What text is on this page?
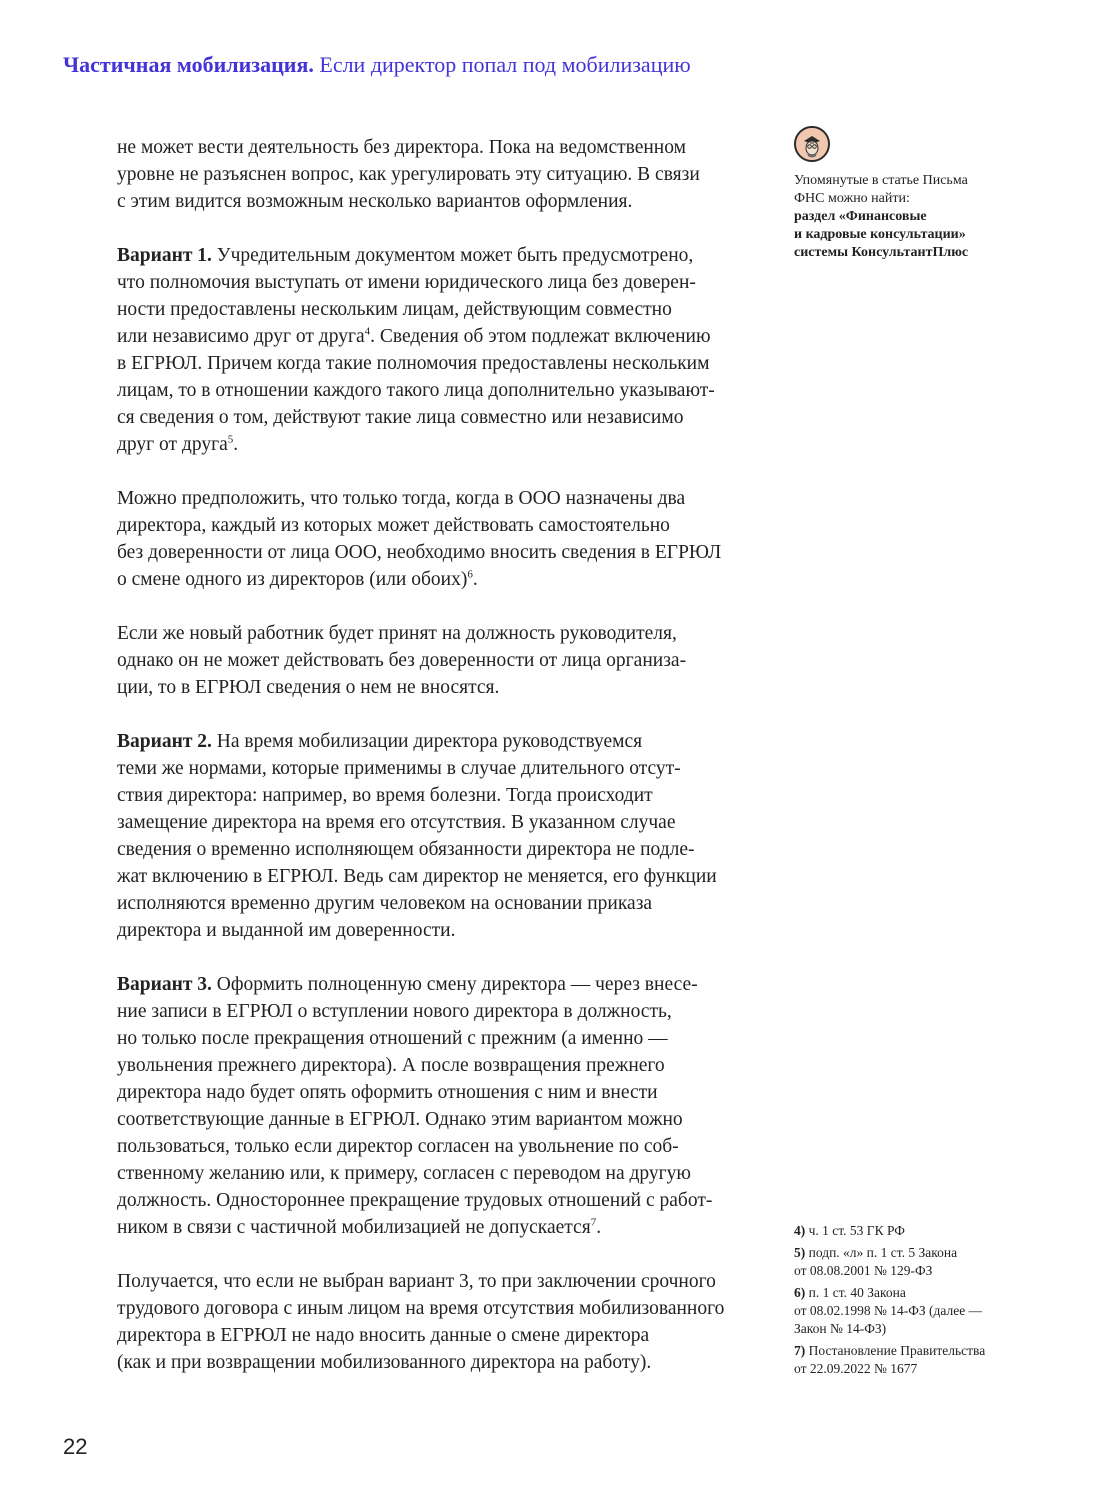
Частичная мобилизация. Если директор попал под мобилизацию

не может вести деятельность без директора. Пока на ведомственном
уровне не разъяснен вопрос, как урегулировать эту ситуацию. В связи
с этим видится возможным несколько вариантов оформления.

Вариант 1. Учредительным документом может быть предусмотрено,
что полномочия выступать от имени юридического лица без доверен-
ности предоставлены нескольким лицам, действующим совместно
или независимо друг от друга$^4$. Сведения об этом подлежат включению
в ЕГРЮЛ. Причем когда такие полномочия предоставлены нескольким
лицам, то в отношении каждого такого лица дополнительно указывают-
ся сведения о том, действуют такие лица совместно или независимо
друг от друга$^5$.

Можно предположить, что только тогда, когда в ООО назначены два
директора, каждый из которых может действовать самостоятельно
без доверенности от лица ООО, необходимо вносить сведения в ЕГРЮЛ
о смене одного из директоров (или обоих)$^6$.

Если же новый работник будет принят на должность руководителя,
однако он не может действовать без доверенности от лица организа-
ции, то в ЕГРЮЛ сведения о нем не вносятся.

Вариант 2. На время мобилизации директора руководствуемся
теми же нормами, которые применимы в случае длительного отсут-
ствия директора: например, во время болезни. Тогда происходит
замещение директора на время его отсутствия. В указанном случае
сведения о временно исполняющем обязанности директора не подле-
жат включению в ЕГРЮЛ. Ведь сам директор не меняется, его функции
исполняются временно другим человеком на основании приказа
директора и выданной им доверенности.

Вариант 3. Оформить полноценную смену директора — через внесе-
ние записи в ЕГРЮЛ о вступлении нового директора в должность,
но только после прекращения отношений с прежним (а именно —
увольнения прежнего директора). А после возвращения прежнего
директора надо будет опять оформить отношения с ним и внести
соответствующие данные в ЕГРЮЛ. Однако этим вариантом можно
пользоваться, только если директор согласен на увольнение по соб-
ственному желанию или, к примеру, согласен с переводом на другую
должность. Одностороннее прекращение трудовых отношений с работ-
ником в связи с частичной мобилизацией не допускается$^7$.

Получается, что если не выбран вариант 3, то при заключении срочного
трудового договора с иным лицом на время отсутствия мобилизованного
директора в ЕГРЮЛ не надо вносить данные о смене директора
(как и при возвращении мобилизованного директора на работу).

Упомянутые в статье Письма
ФНС можно найти:
раздел «Финансовые
и кадровые консультации»
системы КонсультантПлюс
4) ч. 1 ст. 53 ГК РФ
5) подп. «л» п. 1 ст. 5 Закона
от 08.08.2001 № 129-ФЗ
6) п. 1 ст. 40 Закона
от 08.02.1998 № 14-ФЗ (далее —
Закон № 14-ФЗ)
7) Постановление Правительства
от 22.09.2022 № 1677
22
